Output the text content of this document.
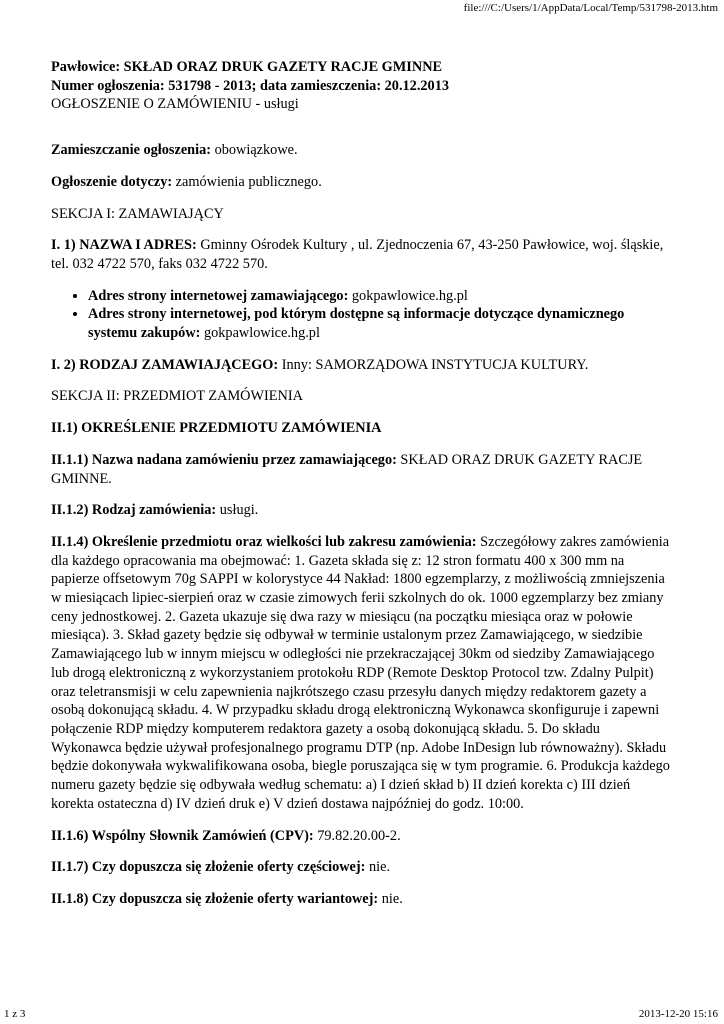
file:///C:/Users/1/AppData/Local/Temp/531798-2013.htm

Pawłowice: SKŁAD ORAZ DRUK GAZETY RACJE GMINNE

Numer ogłoszenia: 531798 - 2013; data zamieszczenia: 20.12.2013

OGŁOSZENIE O ZAMÓWIENIU - usługi

Zamieszczanie ogłoszenia: obowiązkowe.

Ogłoszenie dotyczy: zamówienia publicznego.

SEKCJA I: ZAMAWIAJĄCY

I. 1) NAZWA I ADRES: Gminny Ośrodek Kultury , ul. Zjednoczenia 67, 43-250 Pawłowice, woj. śląskie, tel. 032 4722 570, faks 032 4722 570.

• Adres strony internetowej zamawiającego: gokpawlowice.hg.pl
• Adres strony internetowej, pod którym dostępne są informacje dotyczące dynamicznego systemu zakupów: gokpawlowice.hg.pl

I. 2) RODZAJ ZAMAWIAJĄCEGO: Inny: SAMORZĄDOWA INSTYTUCJA KULTURY.

SEKCJA II: PRZEDMIOT ZAMÓWIENIA

II.1) OKREŚLENIE PRZEDMIOTU ZAMÓWIENIA

II.1.1) Nazwa nadana zamówieniu przez zamawiającego: SKŁAD ORAZ DRUK GAZETY RACJE GMINNE.

II.1.2) Rodzaj zamówienia: usługi.

II.1.4) Określenie przedmiotu oraz wielkości lub zakresu zamówienia: Szczegółowy zakres zamówienia dla każdego opracowania ma obejmować: 1. Gazeta składa się z: 12 stron formatu 400 x 300 mm na papierze offsetowym 70g SAPPI w kolorystyce 44 Nakład: 1800 egzemplarzy, z możliwością zmniejszenia w miesiącach lipiec-sierpień oraz w czasie zimowych ferii szkolnych do ok. 1000 egzemplarzy bez zmiany ceny jednostkowej. 2. Gazeta ukazuje się dwa razy w miesiącu (na początku miesiąca oraz w połowie miesiąca). 3. Skład gazety będzie się odbywał w terminie ustalonym przez Zamawiającego, w siedzibie Zamawiającego lub w innym miejscu w odległości nie przekraczającej 30km od siedziby Zamawiającego lub drogą elektroniczną z wykorzystaniem protokołu RDP (Remote Desktop Protocol tzw. Zdalny Pulpit) oraz teletransmisji w celu zapewnienia najkrótszego czasu przesyłu danych między redaktorem gazety a osobą dokonującą składu. 4. W przypadku składu drogą elektroniczną Wykonawca skonfiguruje i zapewni połączenie RDP między komputerem redaktora gazety a osobą dokonującą składu. 5. Do składu Wykonawca będzie używał profesjonalnego programu DTP (np. Adobe InDesign lub równoważny). Składu będzie dokonywała wykwalifikowana osoba, biegle poruszająca się w tym programie. 6. Produkcja każdego numeru gazety będzie się odbywała według schematu: a) I dzień skład b) II dzień korekta c) III dzień korekta ostateczna d) IV dzień druk e) V dzień dostawa najpóźniej do godz. 10:00.

II.1.6) Wspólny Słownik Zamówień (CPV): 79.82.20.00-2.

II.1.7) Czy dopuszcza się złożenie oferty częściowej: nie.

II.1.8) Czy dopuszcza się złożenie oferty wariantowej: nie.

1 z 3	2013-12-20 15:16
